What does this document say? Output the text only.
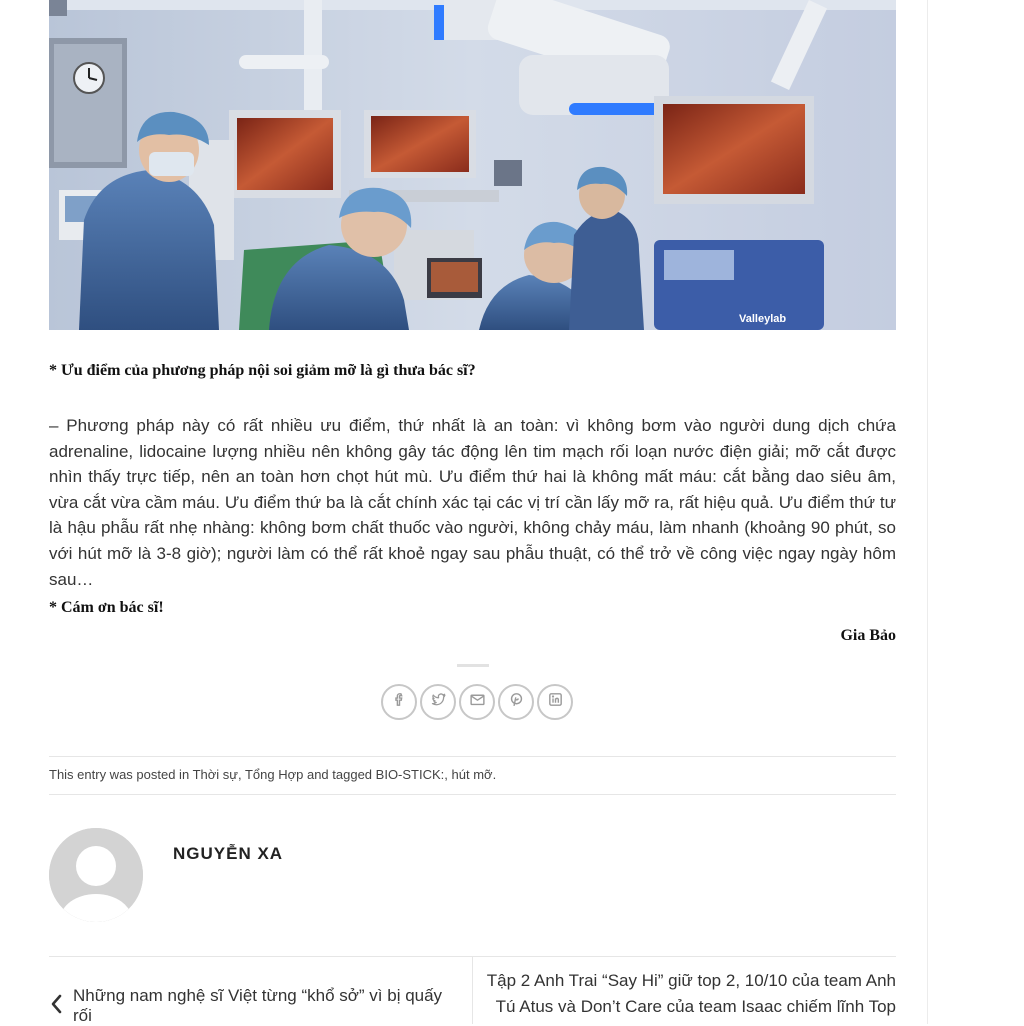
Valleylab
* Ưu điểm của phương pháp nội soi giảm mỡ là gì thưa bác sĩ?
– Phương pháp này có rất nhiều ưu điểm, thứ nhất là an toàn: vì không bơm vào người dung dịch chứa adrenaline, lidocaine lượng nhiều nên không gây tác động lên tim mạch rối loạn nước điện giải; mỡ cắt được nhìn thấy trực tiếp, nên an toàn hơn chọt hút mù. Ưu điểm thứ hai là không mất máu: cắt bằng dao siêu âm, vừa cắt vừa cầm máu. Ưu điểm thứ ba là cắt chính xác tại các vị trí cần lấy mỡ ra, rất hiệu quả. Ưu điểm thứ tư là hậu phẫu rất nhẹ nhàng: không bơm chất thuốc vào người, không chảy máu, làm nhanh (khoảng 90 phút, so với hút mỡ là 3-8 giờ); người làm có thể rất khoẻ ngay sau phẫu thuật, có thể trở về công việc ngay ngày hôm sau…
* Cám ơn bác sĩ!
Gia Bảo
This entry was posted in Thời sự, Tổng Hợp and tagged BIO-STICK:, hút mỡ.
NGUYỄN XA
Những nam nghệ sĩ Việt từng “khổ sở” vì bị quấy rối
Tập 2 Anh Trai “Say Hi” giữ top 2, 10/10 của team Anh Tú Atus và Don’t Care của team Isaac chiếm lĩnh Top
